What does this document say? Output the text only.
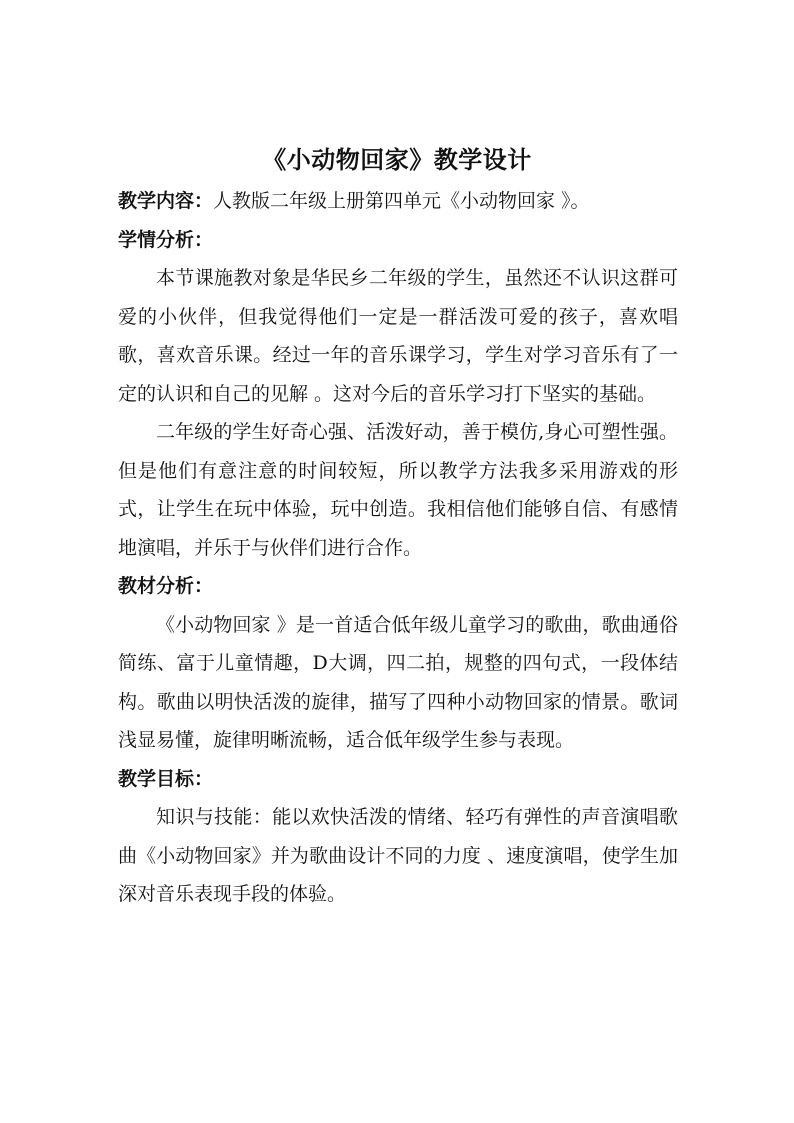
《小动物回家》教学设计

教学内容：人教版二年级上册第四单元《小动物回家 》。

学情分析：

本节课施教对象是华民乡二年级的学生，虽然还不认识这群可爱的小伙伴，但我觉得他们一定是一群活泼可爱的孩子，喜欢唱歌，喜欢音乐课。经过一年的音乐课学习，学生对学习音乐有了一定的认识和自己的见解 。这对今后的音乐学习打下坚实的基础。

二年级的学生好奇心强、活泼好动，善于模仿,身心可塑性强。但是他们有意注意的时间较短，所以教学方法我多采用游戏的形式，让学生在玩中体验，玩中创造。我相信他们能够自信、有感情地演唱，并乐于与伙伴们进行合作。

教材分析：

《小动物回家 》是一首适合低年级儿童学习的歌曲，歌曲通俗简练、富于儿童情趣，D大调，四二拍，规整的四句式，一段体结构。歌曲以明快活泼的旋律，描写了四种小动物回家的情景。歌词浅显易懂，旋律明晰流畅，适合低年级学生参与表现。

教学目标：

知识与技能：能以欢快活泼的情绪、轻巧有弹性的声音演唱歌曲《小动物回家》并为歌曲设计不同的力度 、速度演唱，使学生加深对音乐表现手段的体验。
